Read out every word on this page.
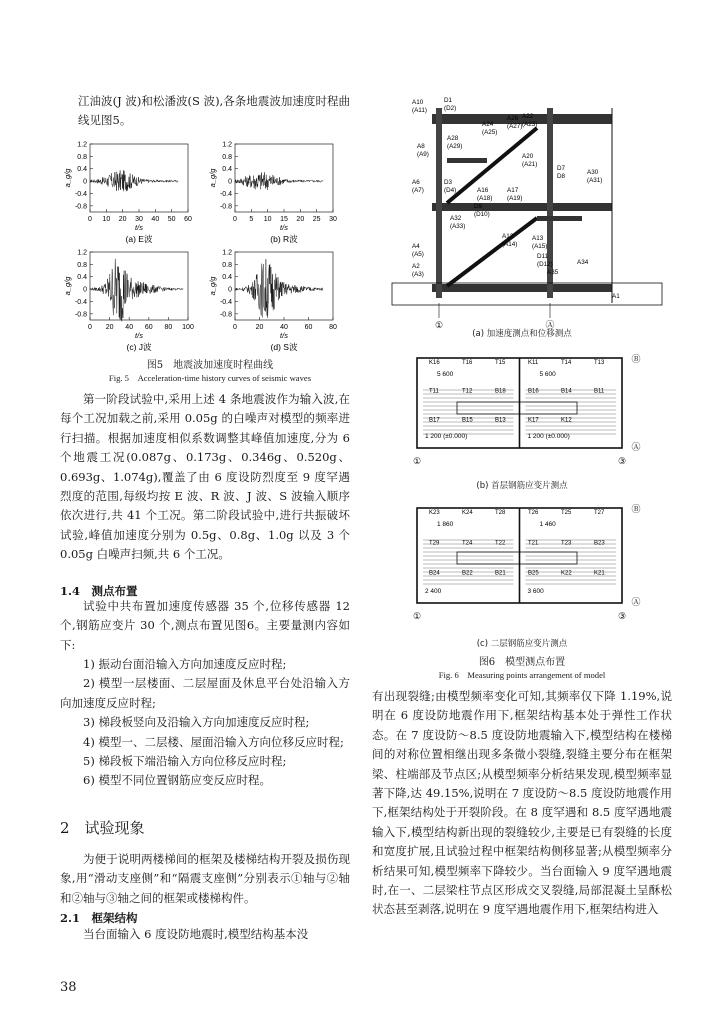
江油波(J 波)和松潘波(S 波),各条地震波加速度时程曲线见图5。
1.2
0.8
0.4
0
-0.4
-0.8
0 10 20 30 40 50 60
t/s
a_g/g
(a) E波
1.2
0.8
0.4
0
-0.4
-0.8
0 5 10 15 20 25 30
t/s
a_g/g
(b) R波
1.2
0.8
0.4
0
-0.4
-0.8
0 20 40 60 80 100
t/s
a_g/g
(c) J波
1.2
0.8
0.4
0
-0.4
-0.8
0	20 40 60 80
t/s
a_g/g
(d) S波
图5　地震波加速度时程曲线
Fig. 5　Acceleration-time history curves of seismic waves
第一阶段试验中,采用上述 4 条地震波作为输入波,在每个工况加载之前,采用 0.05g 的白噪声对模型的频率进行扫描。根据加速度相似系数调整其峰值加速度,分为 6 个地震工况(0.087g、0.173g、0.346g、0.520g、0.693g、1.074g),覆盖了由 6 度设防烈度至 9 度罕遇烈度的范围,每级均按 E 波、R 波、J 波、S 波输入顺序依次进行,共 41 个工况。第二阶段试验中,进行共振破坏试验,峰值加速度分别为 0.5g、0.8g、1.0g 以及 3 个 0.05g 白噪声扫频,共 6 个工况。
1.4　测点布置
试验中共布置加速度传感器 35 个,位移传感器 12 个,钢筋应变片 30 个,测点布置见图6。主要量测内容如下:

1) 振动台面沿输入方向加速度反应时程;

2) 模型一层楼面、二层屋面及休息平台处沿输入方向加速度反应时程;

3) 梯段板竖向及沿输入方向加速度反应时程;

4) 模型一、二层楼、屋面沿输入方向位移反应时程;

5) 梯段板下端沿输入方向位移反应时程;

6) 模型不同位置钢筋应变反应时程。

2　试验现象
为便于说明两楼梯间的框架及楼梯结构开裂及损伤现象,用“滑动支座侧”和“隔震支座侧”分别表示①轴与②轴和②轴与③轴之间的框架或楼梯构件。
2.1　框架结构
当台面输入 6 度设防地震时,模型结构基本没
38
①	Ⓐ
A10
(A11)
D1
(D2)
A24
(A25)
A26
(A27)
A22
(A23)
A28
(A29)
A8
(A9)	A20
(A21)
D7
D8
A30
(A31)
A6
(A7)
D3
(D4)	A16
(A18)
A17
(A19)
D9
(D10)
A32
(A33)
A12
(A14)
A13
(A15)
A4
(A5)	D11
(D12)	A34
A35
A2
(A3)
A1
(a) 加速度测点和位移测点
5 600	5 600
1 200 (±0.000)	1 200 (±0.000)
K16	T16	T15	K11	T14	T13
T11	T12	B18	B16	B14	B11
B17	B15	B13	K17	K12
①	③
Ⓑ
Ⓐ
(b) 首层钢筋应变片测点
1 860	1 460
2 400	3 600
K23	K24	T28	T26	T25	T27
T29	T24	T22	T21	T23	B23
B24	B22	B21	B25	K22	K21
①	③
Ⓑ
Ⓐ
(c) 二层钢筋应变片测点
图6　模型测点布置
Fig. 6　Measuring points arrangement of model
有出现裂缝;由模型频率变化可知,其频率仅下降 1.19%,说明在 6 度设防地震作用下,框架结构基本处于弹性工作状态。在 7 度设防～8.5 度设防地震输入下,模型结构在楼梯间的对称位置相继出现多条微小裂缝,裂缝主要分布在框架梁、柱端部及节点区;从模型频率分析结果发现,模型频率显著下降,达 49.15%,说明在 7 度设防～8.5 度设防地震作用下,框架结构处于开裂阶段。在 8 度罕遇和 8.5 度罕遇地震输入下,模型结构新出现的裂缝较少,主要是已有裂缝的长度和宽度扩展,且试验过程中框架结构侧移显著;从模型频率分析结果可知,模型频率下降较少。当台面输入 9 度罕遇地震时,在一、二层梁柱节点区形成交叉裂缝,局部混凝土呈酥松状态甚至剥落,说明在 9 度罕遇地震作用下,框架结构进入
